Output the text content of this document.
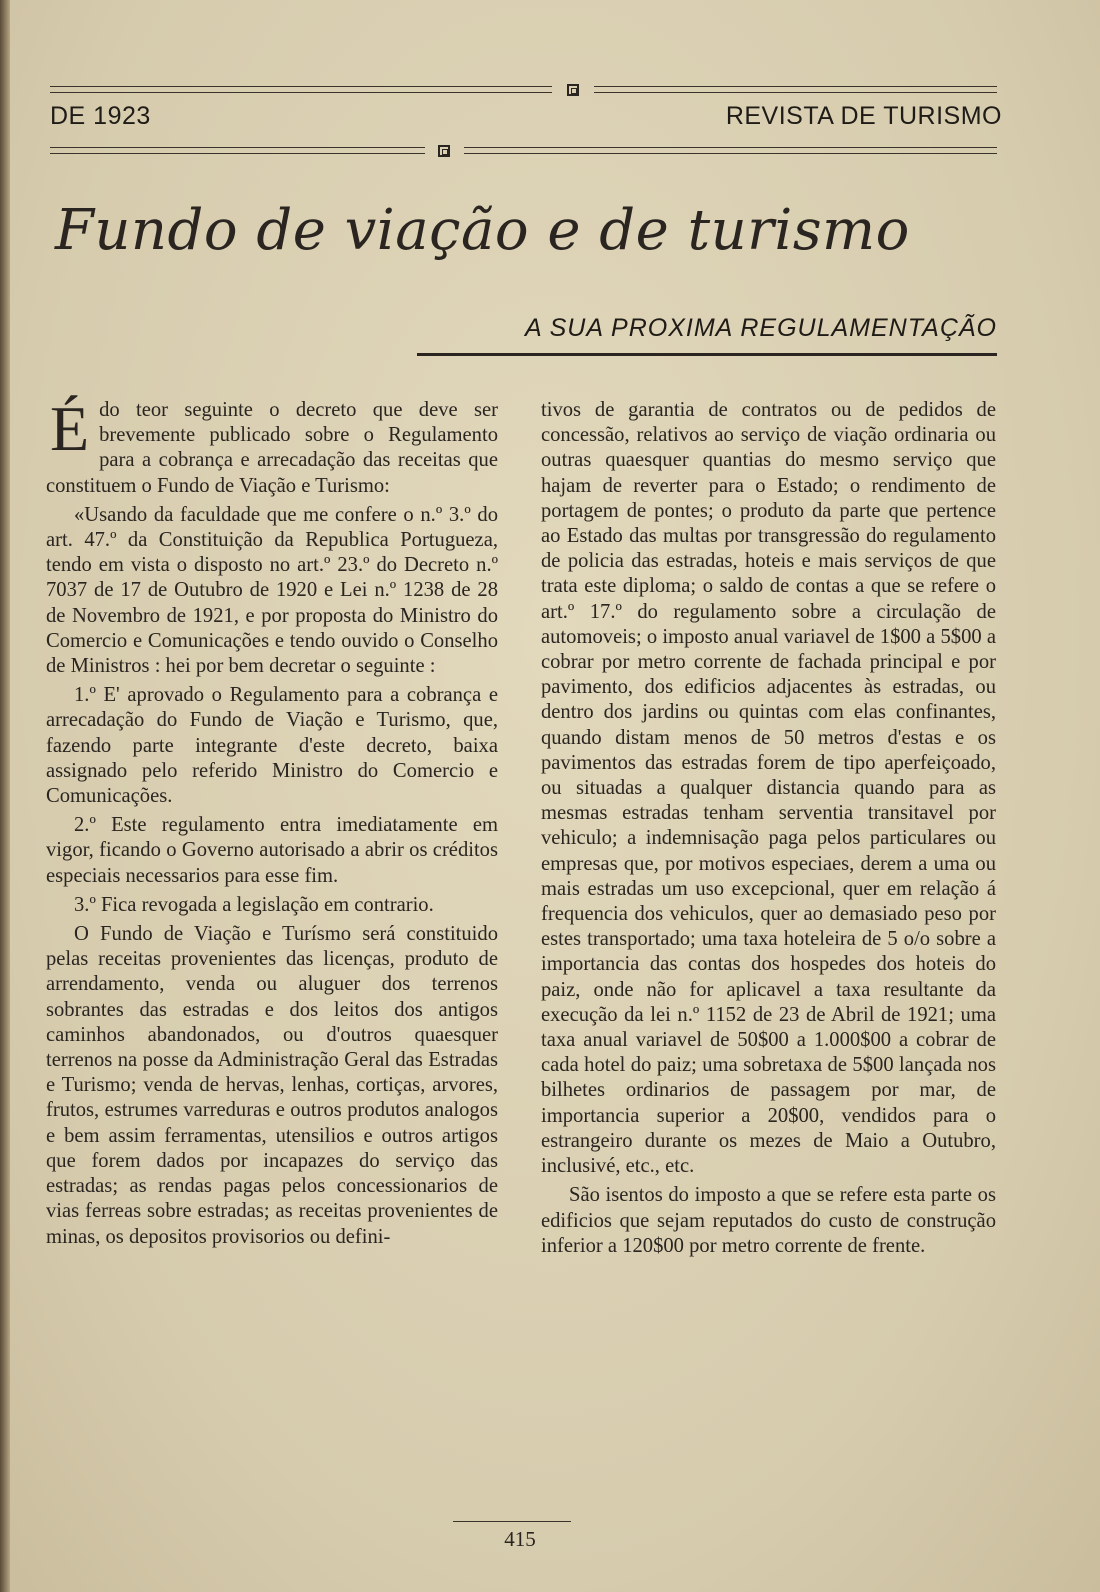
DE 1923	REVISTA DE TURISMO
Fundo de viação e de turismo
A SUA PROXIMA REGULAMENTAÇÃO

Édo teor seguinte o decreto que deve ser brevemente publicado sobre o Regulamento para a cobrança e arrecadação das receitas que constituem o Fundo de Viação e Turismo:

«Usando da faculdade que me confere o n.º 3.º do art. 47.º da Constituição da Republica Portugueza, tendo em vista o disposto no art.º 23.º do Decreto n.º 7037 de 17 de Outubro de 1920 e Lei n.º 1238 de 28 de Novembro de 1921, e por proposta do Ministro do Comercio e Comunicações e tendo ouvido o Conselho de Ministros : hei por bem decretar o seguinte :

1.º E' aprovado o Regulamento para a cobrança e arrecadação do Fundo de Viação e Turismo, que, fazendo parte integrante d'este decreto, baixa assignado pelo referido Ministro do Comercio e Comunicações.

2.º Este regulamento entra imediatamente em vigor, ficando o Governo autorisado a abrir os créditos especiais necessarios para esse fim.

3.º Fica revogada a legislação em contrario.

O Fundo de Viação e Turísmo será constituido pelas receitas provenientes das licenças, produto de arrendamento, venda ou aluguer dos terrenos sobrantes das estradas e dos leitos dos antigos caminhos abandonados, ou d'outros quaesquer terrenos na posse da Administração Geral das Estradas e Turismo; venda de hervas, lenhas, cortiças, arvores, frutos, estrumes varreduras e outros produtos analogos e bem assim ferramentas, utensilios e outros artigos que forem dados por incapazes do serviço das estradas; as rendas pagas pelos concessionarios de vias ferreas sobre estradas; as receitas provenientes de minas, os depositos provisorios ou defini-

tivos de garantia de contratos ou de pedidos de concessão, relativos ao serviço de viação ordinaria ou outras quaesquer quantias do mesmo serviço que hajam de reverter para o Estado; o rendimento de portagem de pontes; o produto da parte que pertence ao Estado das multas por transgressão do regulamento de policia das estradas, hoteis e mais serviços de que trata este diploma; o saldo de contas a que se refere o art.º 17.º do regulamento sobre a circulação de automoveis; o imposto anual variavel de 1$00 a 5$00 a cobrar por metro corrente de fachada principal e por pavimento, dos edificios adjacentes às estradas, ou dentro dos jardins ou quintas com elas confinantes, quando distam menos de 50 metros d'estas e os pavimentos das estradas forem de tipo aperfeiçoado, ou situadas a qualquer distancia quando para as mesmas estradas tenham serventia transitavel por vehiculo; a indemnisação paga pelos particulares ou empresas que, por motivos especiaes, derem a uma ou mais estradas um uso excepcional, quer em relação á frequencia dos vehiculos, quer ao demasiado peso por estes transportado; uma taxa hoteleira de 5 o/o sobre a importancia das contas dos hospedes dos hoteis do paiz, onde não for aplicavel a taxa resultante da execução da lei n.º 1152 de 23 de Abril de 1921; uma taxa anual variavel de 50$00 a 1.000$00 a cobrar de cada hotel do paiz; uma sobretaxa de 5$00 lançada nos bilhetes ordinarios de passagem por mar, de importancia superior a 20$00, vendidos para o estrangeiro durante os mezes de Maio a Outubro, inclusivé, etc., etc.

São isentos do imposto a que se refere esta parte os edificios que sejam reputados do custo de construção inferior a 120$00 por metro corrente de frente.

415
